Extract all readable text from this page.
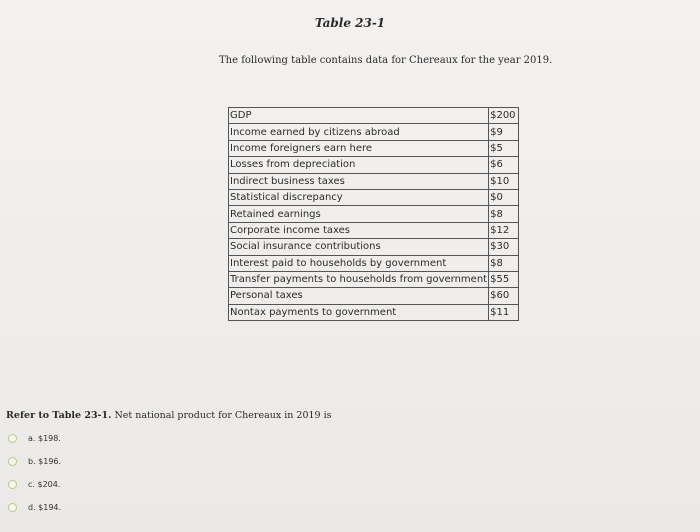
Table 23-1
The following table contains data for Chereaux for the year 2019.
GDP	$200
Income earned by citizens abroad	$9
Income foreigners earn here	$5
Losses from depreciation	$6
Indirect business taxes	$10
Statistical discrepancy	$0
Retained earnings	$8
Corporate income taxes	$12
Social insurance contributions	$30
Interest paid to households by government	$8
Transfer payments to households from government	$55
Personal taxes	$60
Nontax payments to government	$11
Refer to Table 23-1. Net national product for Chereaux in 2019 is
a. $198.
b. $196.
c. $204.
d. $194.
